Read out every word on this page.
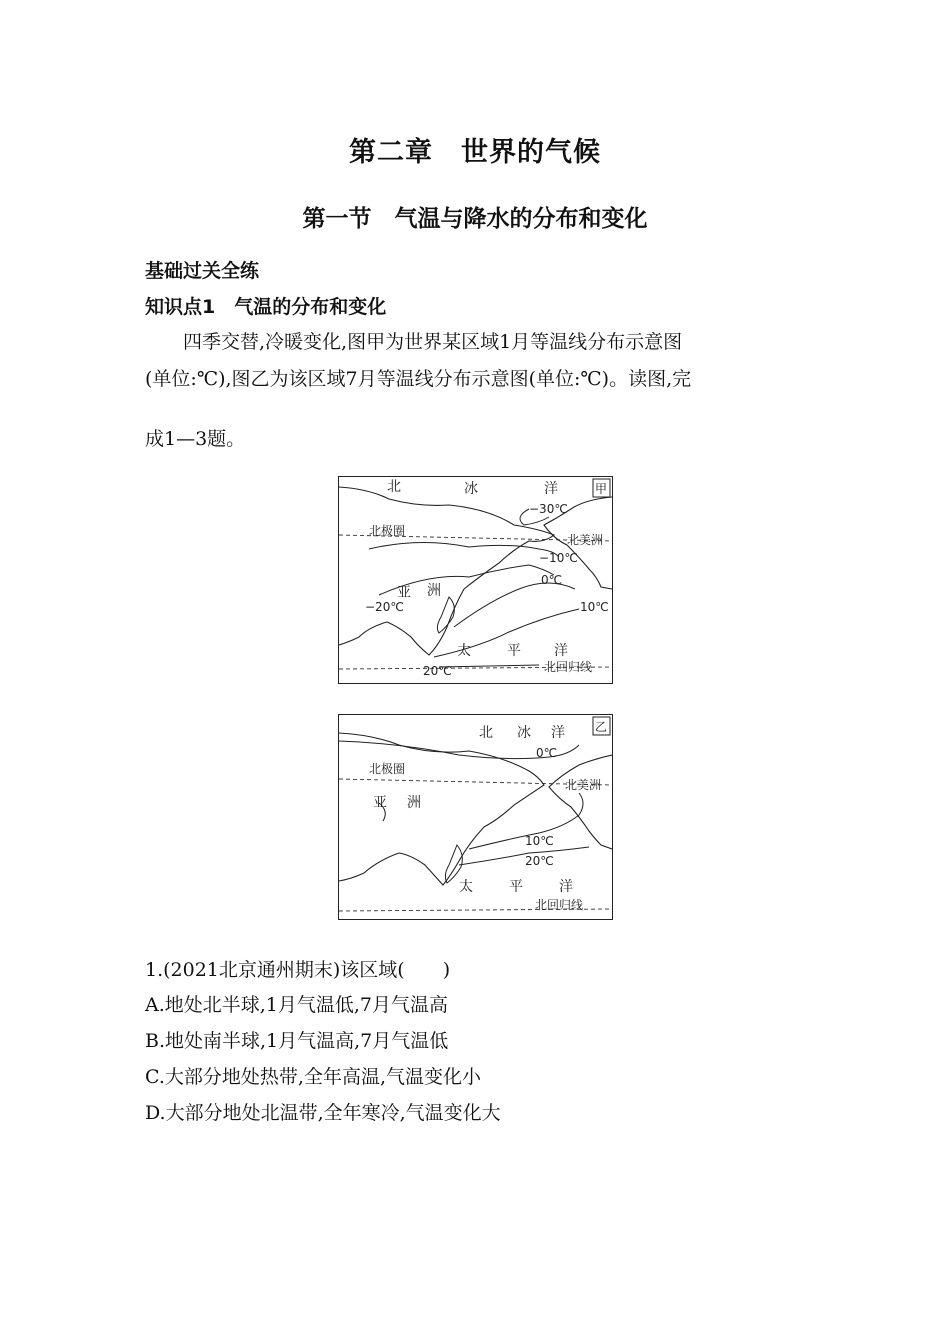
第二章　世界的气候
第一节　气温与降水的分布和变化
基础过关全练
知识点1　气温的分布和变化
四季交替,冷暖变化,图甲为世界某区域1月等温线分布示意图
(单位:℃),图乙为该区域7月等温线分布示意图(单位:℃)。读图,完
成1—3题。
北	冰	洋	甲
−30℃
北极圈
北美洲
−10℃
0℃
亚 洲
−20℃	10℃
太	平 洋
20℃	北回归线
北 冰 洋	乙
0℃
北极圈
北美洲
亚 洲
10℃
20℃
太	平	洋
北回归线
1.(2021北京通州期末)该区域(　　)
A.地处北半球,1月气温低,7月气温高
B.地处南半球,1月气温高,7月气温低
C.大部分地处热带,全年高温,气温变化小
D.大部分地处北温带,全年寒冷,气温变化大
